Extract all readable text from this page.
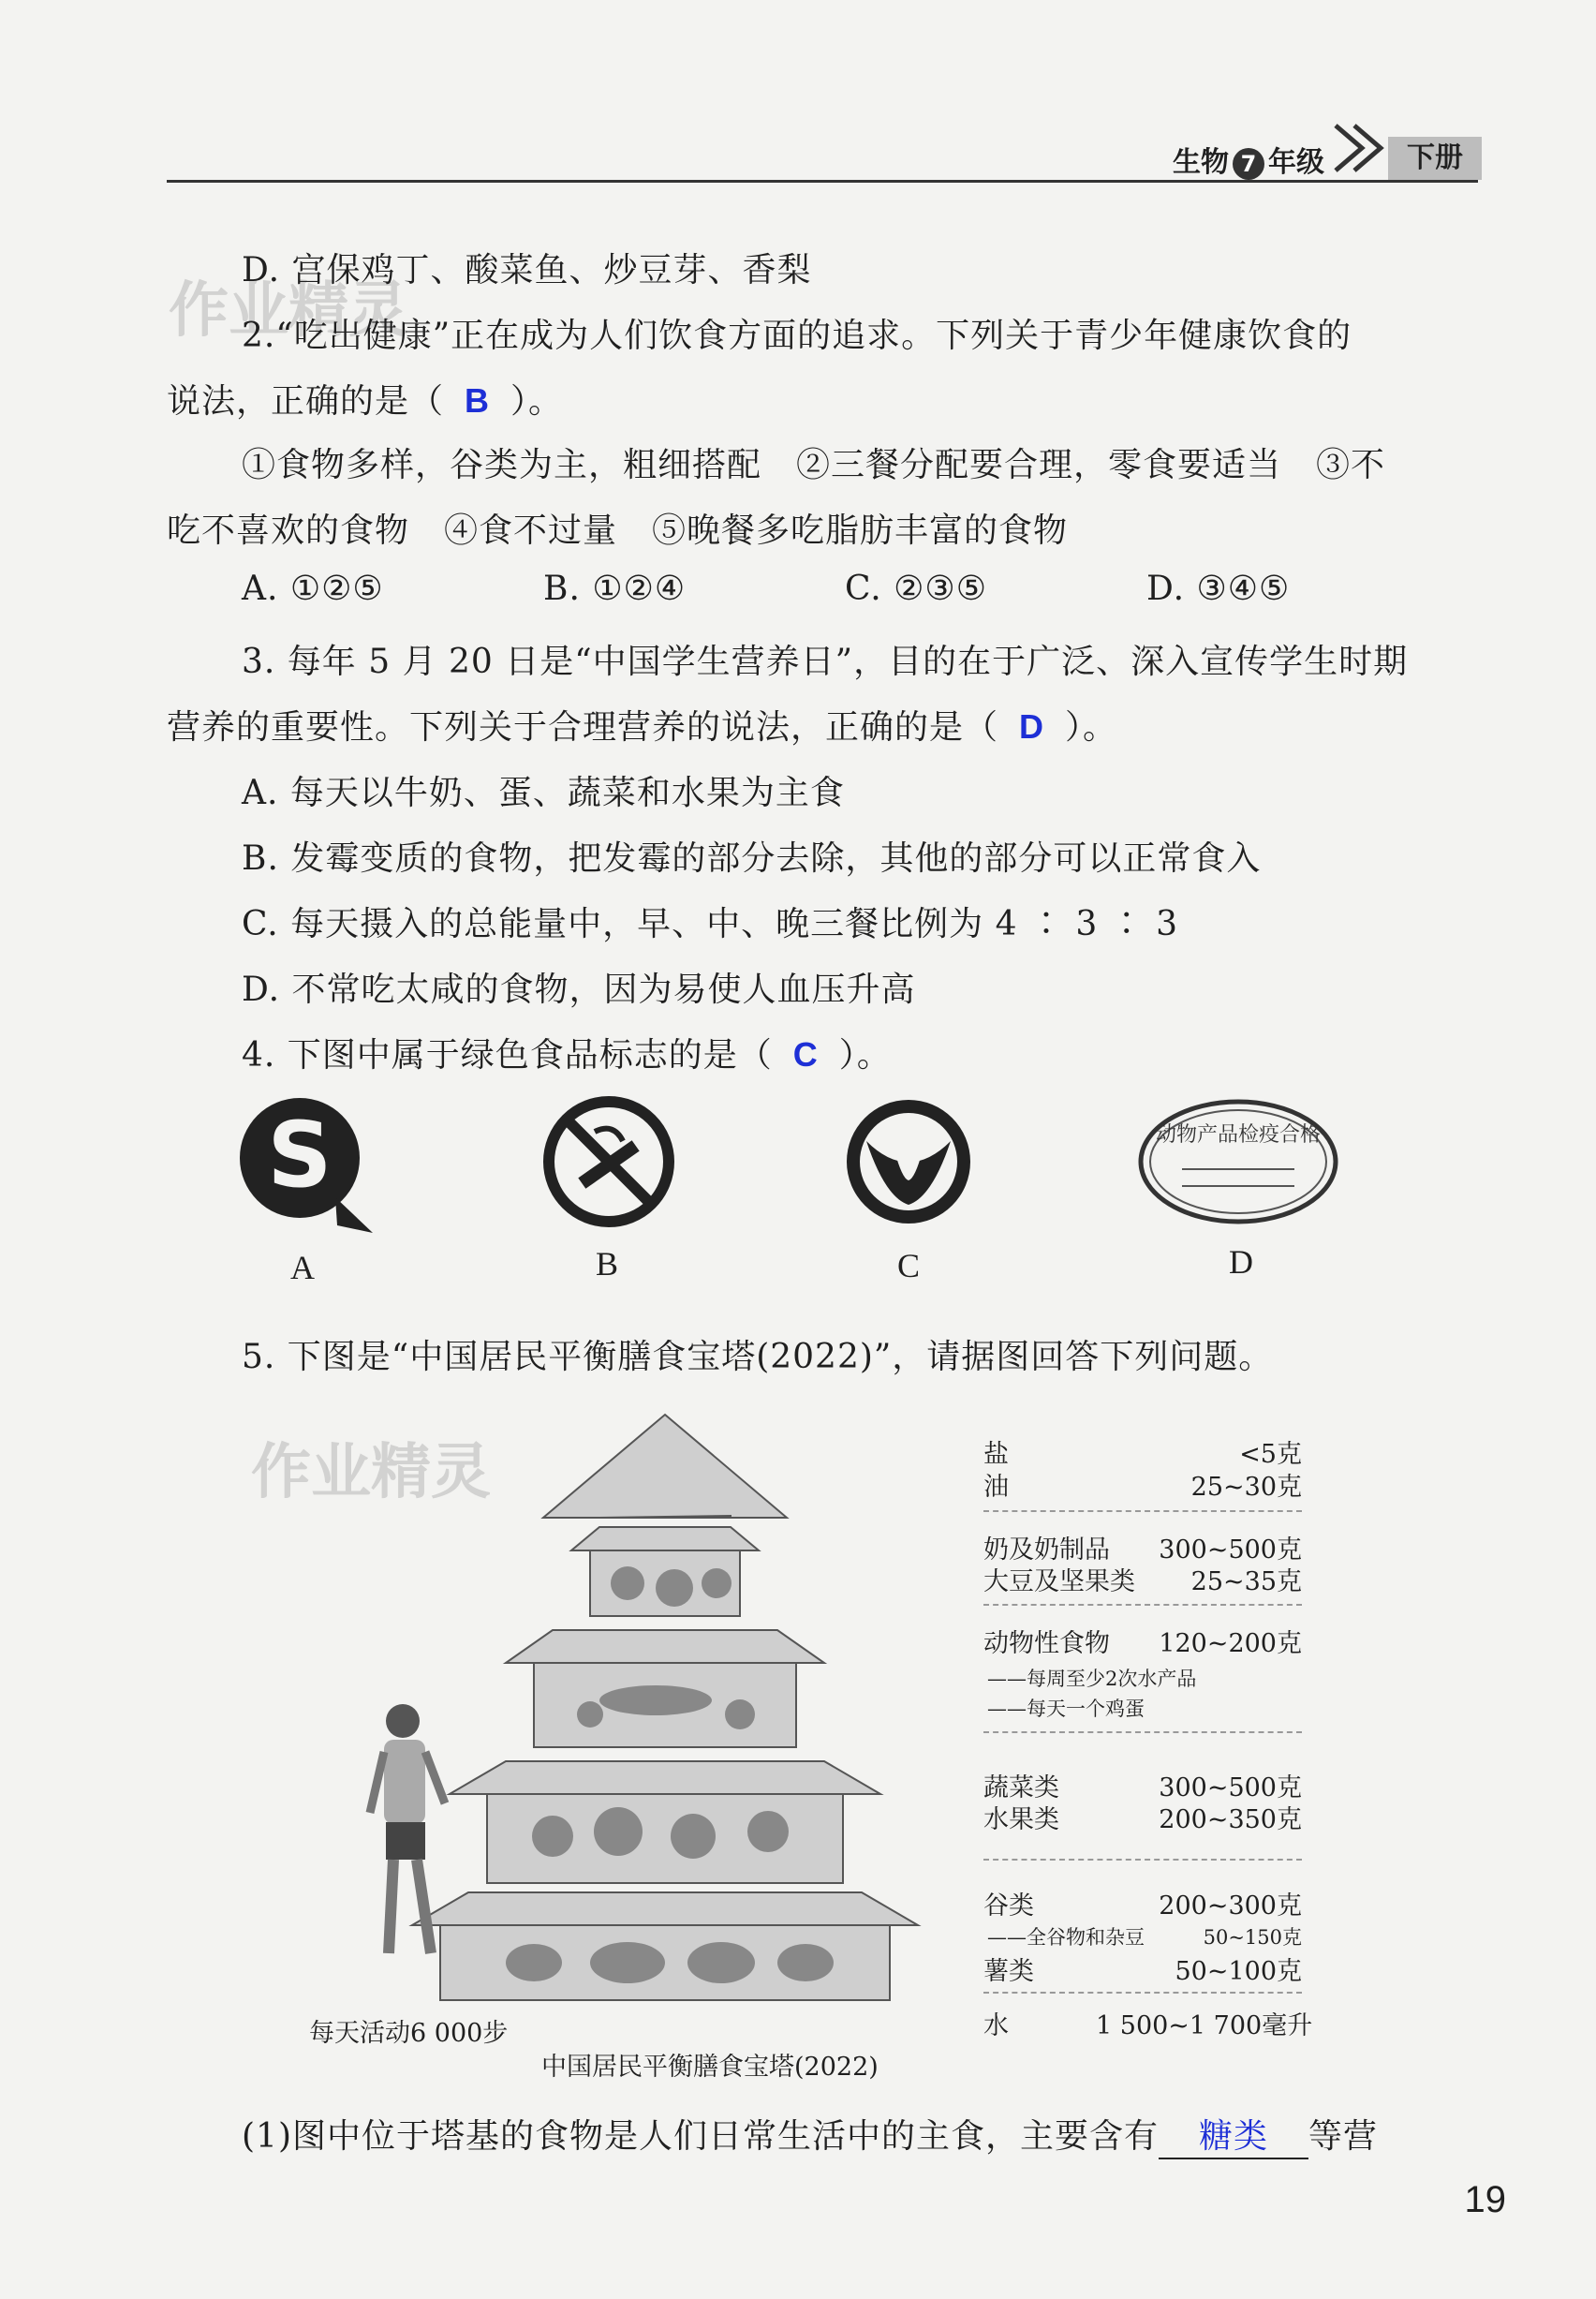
生物 7 年级	下册
作业精灵
D. 宫保鸡丁、酸菜鱼、炒豆芽、香梨
2.“吃出健康”正在成为人们饮食方面的追求。下列关于青少年健康饮食的
说法，正确的是（ B ）。
①食物多样，谷类为主，粗细搭配　②三餐分配要合理，零食要适当　③不
吃不喜欢的食物　④食不过量　⑤晚餐多吃脂肪丰富的食物
A. ①②⑤	B. ①②④	C. ②③⑤	D. ③④⑤
3. 每年 5 月 20 日是“中国学生营养日”，目的在于广泛、深入宣传学生时期
营养的重要性。下列关于合理营养的说法，正确的是（ D ）。
A. 每天以牛奶、蛋、蔬菜和水果为主食
B. 发霉变质的食物，把发霉的部分去除，其他的部分可以正常食入
C. 每天摄入的总能量中，早、中、晚三餐比例为 4 ∶ 3 ∶ 3
D. 不常吃太咸的食物，因为易使人血压升高
4. 下图中属于绿色食品标志的是（ C ）。
S	动物产品检疫合格
A	B	C	D
5. 下图是“中国居民平衡膳食宝塔(2022)”，请据图回答下列问题。
作业精灵
每天活动6 000步
中国居民平衡膳食宝塔(2022)
盐	<5克
油	25~30克
奶及奶制品	300~500克
大豆及坚果类	25~35克
动物性食物	120~200克
——每周至少2次水产品
——每天一个鸡蛋
蔬菜类	300~500克
水果类	200~350克
谷类	200~300克
——全谷物和杂豆	50~150克
薯类	50~100克
水	1 500~1 700毫升
(1)图中位于塔基的食物是人们日常生活中的主食，主要含有 糖类 等营
19
